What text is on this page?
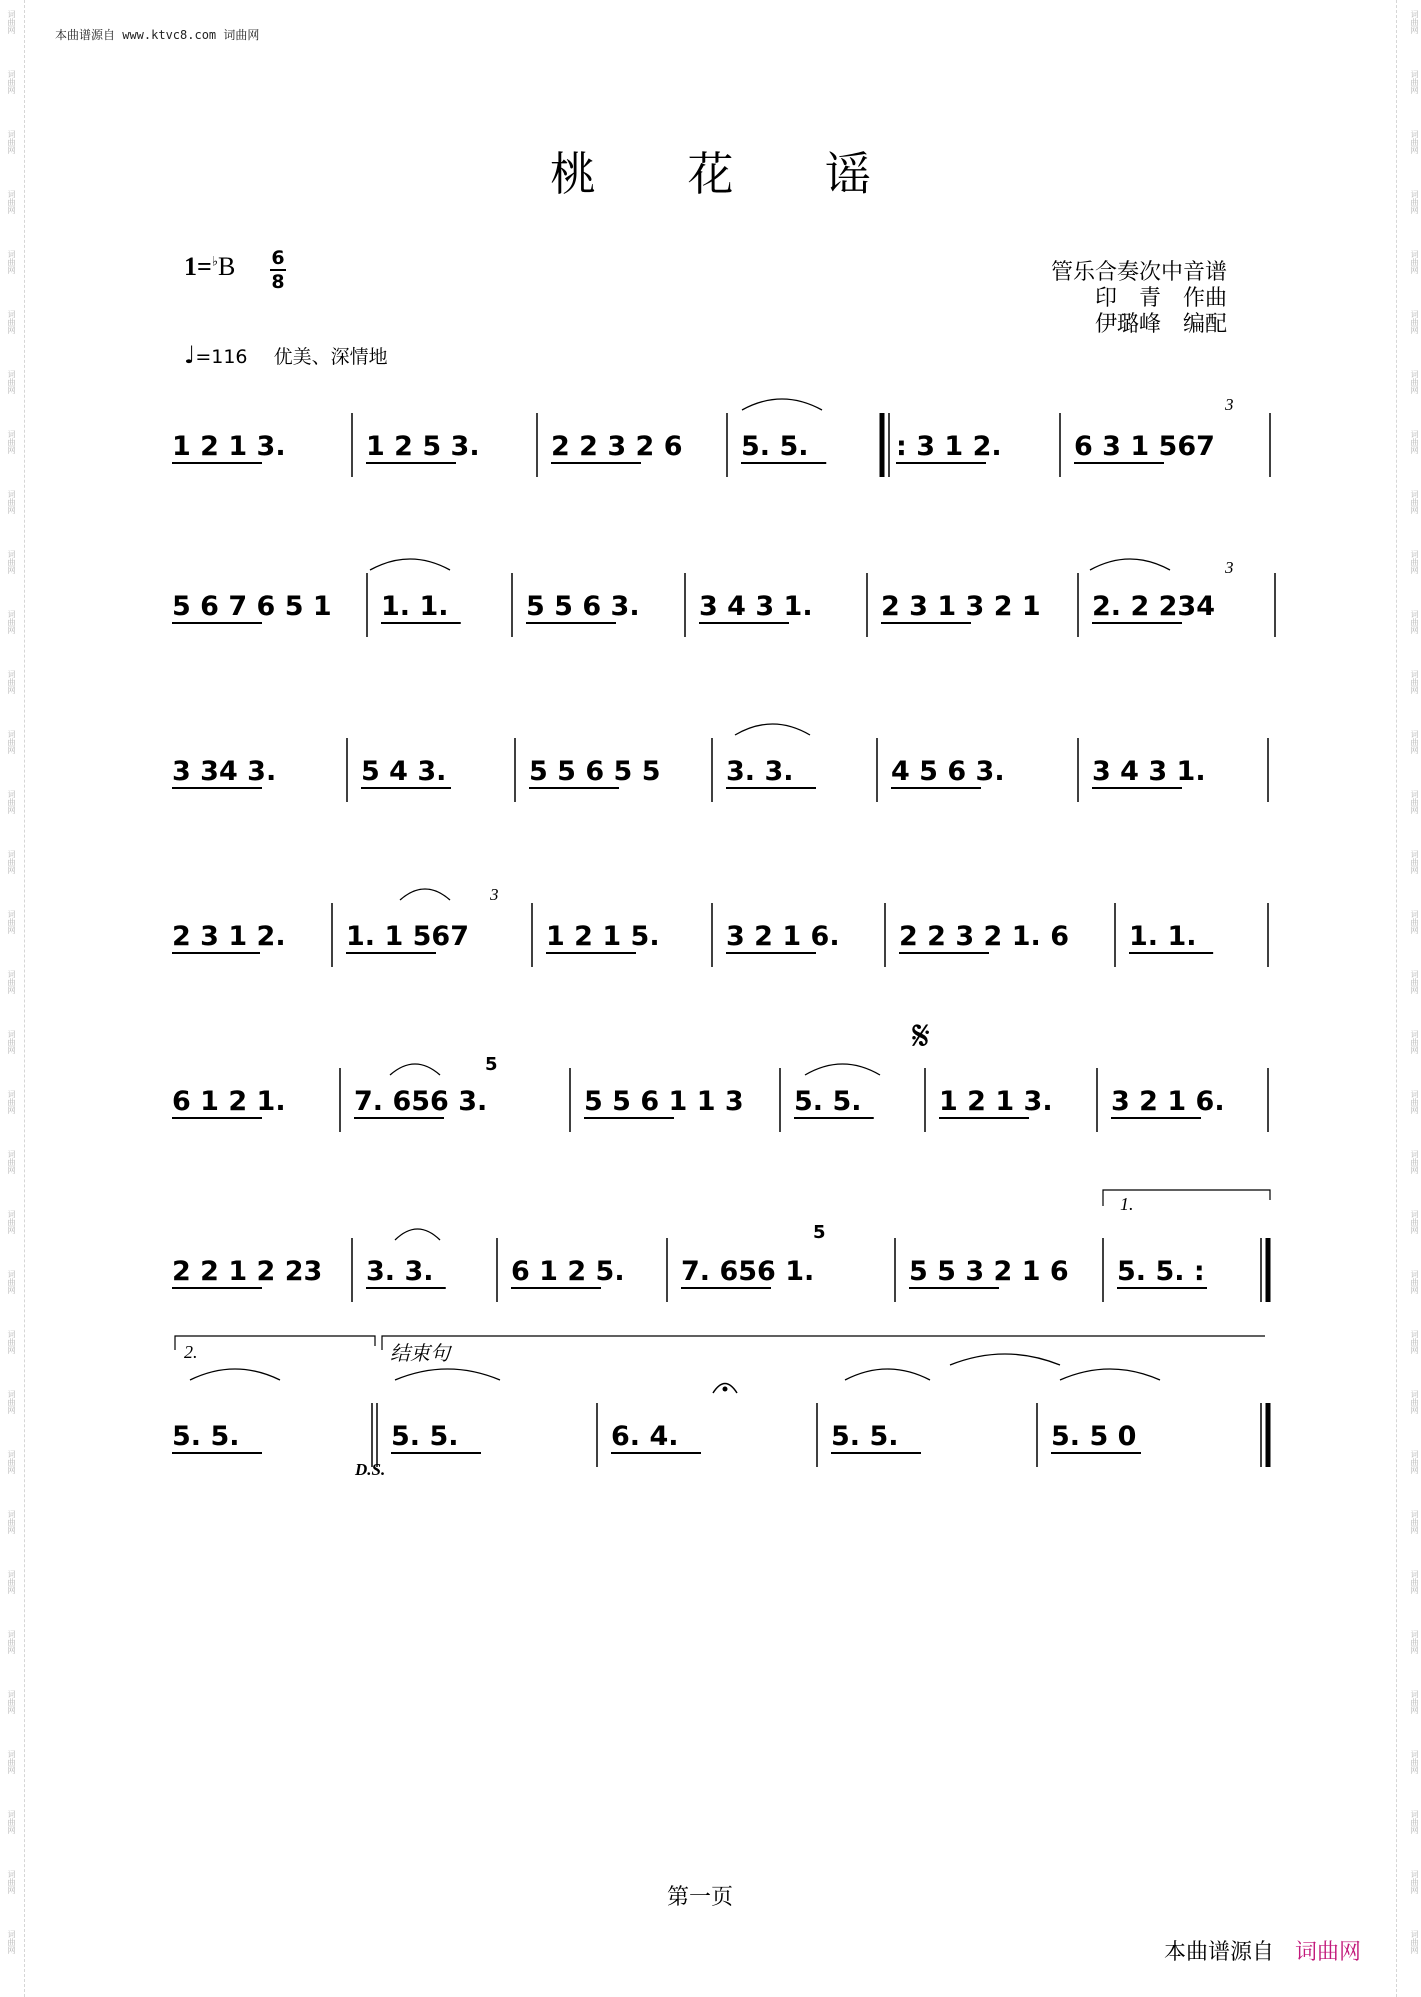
词曲网
词曲网
词曲网
词曲网
词曲网
词曲网
词曲网
词曲网
词曲网
词曲网
词曲网
词曲网
词曲网
词曲网
词曲网
词曲网
词曲网
词曲网
词曲网
词曲网
词曲网
词曲网
词曲网
词曲网
词曲网
词曲网
词曲网
词曲网
词曲网
词曲网
词曲网
词曲网
词曲网
词曲网
词曲网
词曲网
词曲网
词曲网
词曲网
词曲网
词曲网
词曲网
词曲网
词曲网
词曲网
词曲网
词曲网
词曲网
词曲网
词曲网
词曲网
词曲网
词曲网
词曲网
词曲网
词曲网
词曲网
词曲网
词曲网
词曲网
词曲网
词曲网
词曲网
词曲网
词曲网
词曲网
本曲谱源自 www.ktvc8.com 词曲网
桃 花 谣
1=♭B 6
8
♩=116 优美、深情地
管乐合奏次中音谱
印　青　作曲
伊璐峰　编配
1 2 1 3.	1 2 5 3.	2 2 3 2 6 5. 5.	: 3 1 2.	6 3 1 567
5 6 7 6 5 1 1. 1.	5 5 6 3. 3 4 3 1.	2 3 1 3 2 1 2. 2 234
3 34 3.	5 4 3.	5 5 6 5 5 3. 3.	4 5 6 3.	3 4 3 1.
2 3 1 2. 1. 1 567	1 2 1 5. 3 2 1 6. 2 2 3 2 1. 6 1. 1.
6 1 2 1.	7. 656 3.	5 5 6 1 1 3 5. 5.	1 2 1 3. 3 2 1 6.
2 2 1 2 23 3. 3.	6 1 2 5. 7. 656 1.	5 5 3 2 1 6 5. 5. :
5. 5.	5. 5.	6. 4.	5. 5.	5. 5 0
3
3
3
5
5
𝄋
1.
2.	结束句
D.S.
第一页
本曲谱源自 词曲网
